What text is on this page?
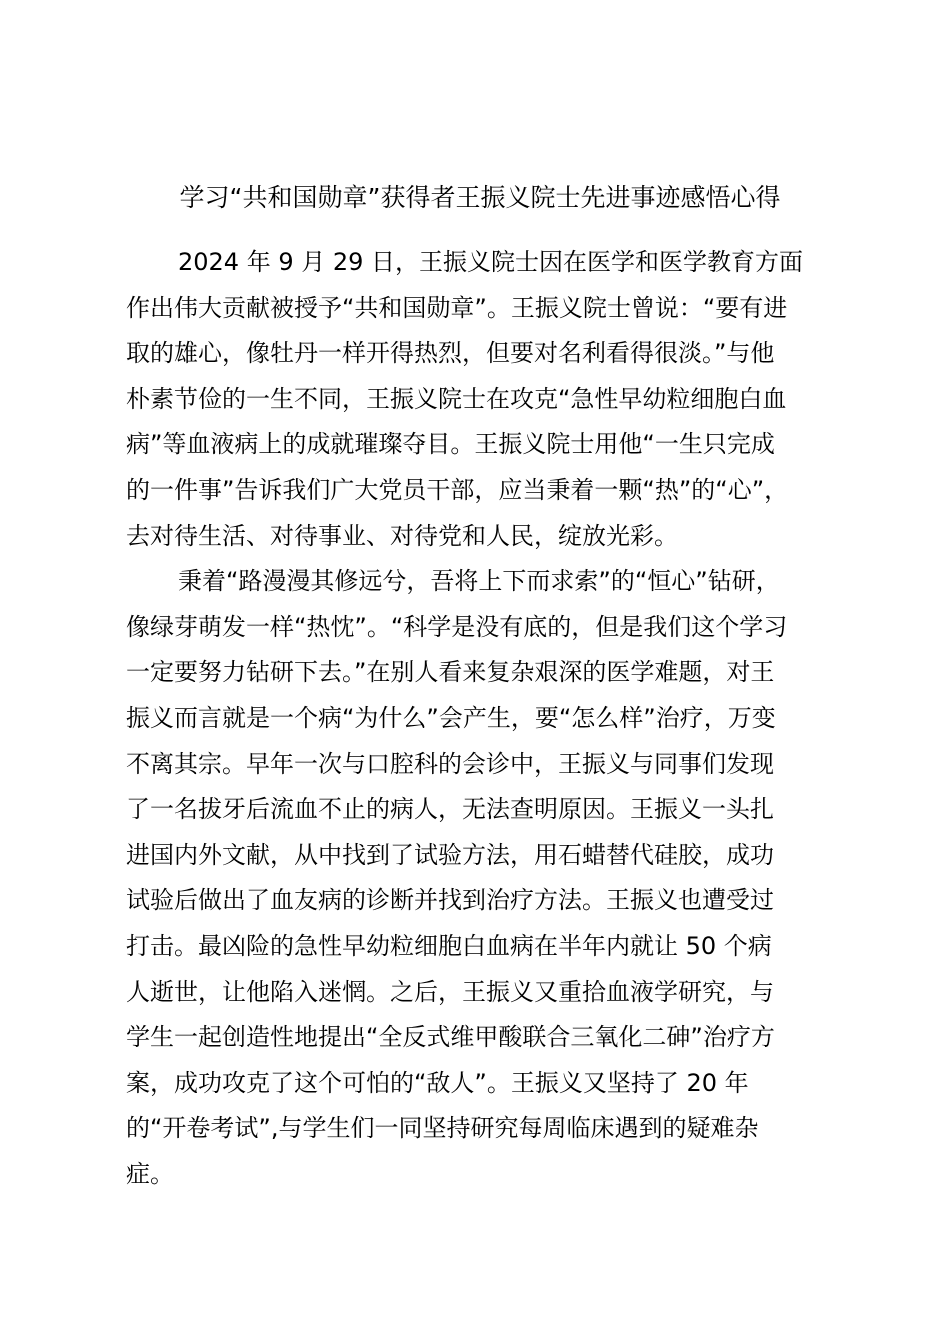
学习“共和国勋章”获得者王振义院士先进事迹感悟心得
2024 年 9 月 29 日，王振义院士因在医学和医学教育方面
作出伟大贡献被授予“共和国勋章”。王振义院士曾说：“要有进
取的雄心，像牡丹一样开得热烈，但要对名利看得很淡。”与他
朴素节俭的一生不同，王振义院士在攻克“急性早幼粒细胞白血
病”等血液病上的成就璀璨夺目。王振义院士用他“一生只完成
的一件事”告诉我们广大党员干部，应当秉着一颗“热”的“心”，
去对待生活、对待事业、对待党和人民，绽放光彩。
秉着“路漫漫其修远兮，吾将上下而求索”的“恒心”钻研，
像绿芽萌发一样“热忱”。“科学是没有底的，但是我们这个学习
一定要努力钻研下去。”在别人看来复杂艰深的医学难题，对王
振义而言就是一个病“为什么”会产生，要“怎么样”治疗，万变
不离其宗。早年一次与口腔科的会诊中，王振义与同事们发现
了一名拔牙后流血不止的病人，无法查明原因。王振义一头扎
进国内外文献，从中找到了试验方法，用石蜡替代硅胶，成功
试验后做出了血友病的诊断并找到治疗方法。王振义也遭受过
打击。最凶险的急性早幼粒细胞白血病在半年内就让 50 个病
人逝世，让他陷入迷惘。之后，王振义又重拾血液学研究，与
学生一起创造性地提出“全反式维甲酸联合三氧化二砷”治疗方
案，成功攻克了这个可怕的“敌人”。王振义又坚持了 20 年
的“开卷考试”,与学生们一同坚持研究每周临床遇到的疑难杂
症。
